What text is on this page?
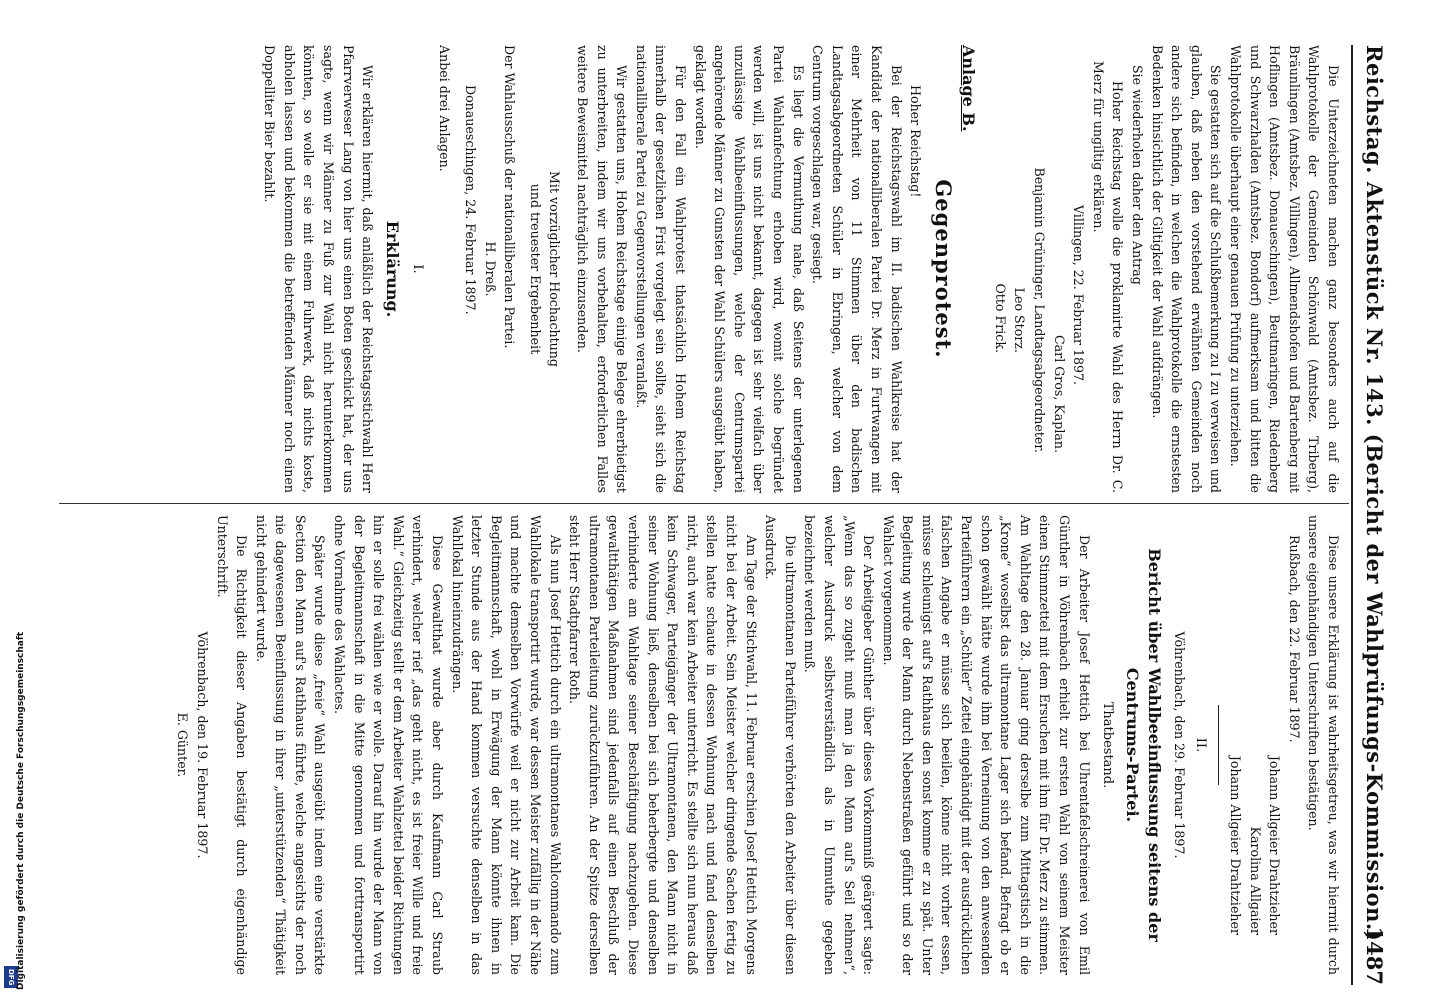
Reichstag. Aktenstück Nr. 143. (Bericht der Wahlprüfungs-Kommission.)
1487

Die Unterzeichneten machen ganz besonders auch auf die Wahlprotokolle der Gemeinden Schönwald (Amtsbez. Triberg), Bräunlingen (Amtsbez. Villingen), Allmendshofen und Bartenberg mit Hoflingen (Amtsbez. Donaueschingen), Beutmaringen, Riedenberg und Schwarzhalden (Amtsbez. Bondorf) aufmerksam und bitten die Wahlprotokolle überhaupt einer genauen Prüfung zu unterziehen.

Sie gestatten sich auf die Schlußbemerkung zu I zu verweisen und glauben, daß neben den vorstehend erwähnten Gemeinden noch andere sich befinden, in welchen die Wahlprotokolle die ernstesten Bedenken hinsichtlich der Giltigkeit der Wahl aufdrängen.

Sie wiederholen daher den Antrag

Hoher Reichstag wolle die proklamirte Wahl des Herrn Dr. C. Merz für ungiltig erklären.

Villingen, 22. Februar 1897.

Carl Gros, Kaplan.

Benjamin Grüninger, Landtagsabgeordneter.

Leo Storz.

Otto Frick.

Anlage B.
Gegenprotest.

Hoher Reichstag!

Bei der Reichstagswahl im II. badischen Wahlkreise hat der Kandidat der nationalliberalen Partei Dr. Merz in Furtwangen mit einer Mehrheit von 11 Stimmen über den badischen Landtagsabgeordneten Schüler in Ebringen, welcher von dem Centrum vorgeschlagen war, gesiegt.

Es liegt die Vermuthung nahe, daß Seitens der unterlegenen Partei Wahlanfechtung erhoben wird, womit solche begründet werden will, ist uns nicht bekannt, dagegen ist sehr vielfach über unzulässige Wahlbeeinflussungen, welche der Centrumspartei angehörende Männer zu Gunsten der Wahl Schülers ausgeübt haben, geklagt worden.

Für den Fall ein Wahlprotest thatsächlich Hohem Reichstag innerhalb der gesetzlichen Frist vorgelegt sein sollte, sieht sich die nationalliberale Partei zu Gegenvorstellungen veranlaßt.

Wir gestatten uns, Hohem Reichstage einige Belege ehrerbietigst zu unterbreiten, indem wir uns vorbehalten, erforderlichen Falles weitere Beweismittel nachträglich einzusenden.

Mit vorzüglicher Hochachtung

und treuester Ergebenheit

Der Wahlausschuß der nationalliberalen Partei.

H. Dreß.

Donaueschingen, 24. Februar 1897.

Anbei drei Anlagen.

I.
Erklärung.

Wir erklären hiermit, daß anläßlich der Reichstagsstichwahl Herr Pfarrverweser Lang von hier uns einen Boten geschickt hat, der uns sagte, wenn wir Männer zu Fuß zur Wahl nicht herunterkommen könnten, so wolle er sie mit einem Fuhrwerk, daß nichts koste, abholen lassen und bekommen die betreffenden Männer noch einen Doppelliter Bier bezahlt.

Diese unsere Erklärung ist wahrheitsgetreu, was wir hiermit durch unsere eigenhändigen Unterschriften bestätigen.

Rußbach, den 22. Februar 1897.

Johann Allgeier Drahtzieher

Karolina Allgaier

Johann Allgeier Drahtzieher

II.

Vöhrenbach, den 29. Februar 1897.

Bericht über Wahlbeeinflussung seitens der Centrums-Partei.
Thatbestand.

Der Arbeiter Josef Hettich bei Uhrentafelschreinerei von Emil Günther in Vöhrenbach erhielt zur ersten Wahl von seinem Meister einen Stimmzettel mit dem Ersuchen mit ihm für Dr. Merz zu stimmen. Am Wahltage den 28. Januar ging derselbe zum Mittagstisch in die „Krone“ woselbst das ultramontane Lager sich befand. Befragt ob er schon gewählt hätte wurde ihm bei Verneinung von den anwesenden Parteiführern ein „Schüler“ Zettel eingehändigt mit der ausdrücklichen falschen Angabe er müsse sich beeilen, könne nicht vorher essen, müsse schleunigst auf's Rathhaus den sonst komme er zu spät. Unter Begleitung wurde der Mann durch Nebenstraßen geführt und so der Wahlact vorgenommen.

Der Arbeitgeber Günther über dieses Vorkommniß geärgert sagte: „Wenn das so zugeht muß man ja den Mann auf's Seil nehmen“, welcher Ausdruck selbstverständlich als in Unmuthe gegeben bezeichnet werden muß.

Die ultramontanen Parteiführer verhörten den Arbeiter über diesen Ausdruck.

Am Tage der Stichwahl, 11. Februar erschien Josef Hettich Morgens nicht bei der Arbeit. Sein Meister welcher dringende Sachen fertig zu stellen hatte schaute in dessen Wohnung nach und fand denselben nicht, auch war kein Arbeiter unterricht. Es stellte sich nun heraus daß kein Schwager, Parteigänger der Ultramontanen, den Mann nicht in seiner Wohnung ließ, denselben bei sich beherbergte und denselben verhinderte am Wahltage seiner Beschäftigung nachzugehen. Diese gewaltthätigen Maßnahmen sind jedenfalls auf einen Beschluß der ultramontanen Parteileitung zurückzuführen. An der Spitze derselben steht Herr Stadtpfarrer Roth.

Als nun Josef Hettich durch ein ultramontanes Wahlcommando zum Wahllokale transportirt wurde, war dessen Meister zufällig in der Nähe und machte demselben Vorwürfe weil er nicht zur Arbeit kam. Die Begleitmannschaft, wohl in Erwägung der Mann könnte ihnen in letzter Stunde aus der Hand kommen versuchte denselben in das Wahllokal hineinzudrängen.

Diese Gewaltthat wurde aber durch Kaufmann Carl Straub verhindert, welcher rief „das geht nicht, es ist freier Wille und freie Wahl.“ Gleichzeitig stellt er dem Arbeiter Wahlzettel beider Richtungen hin er solle frei wählen wie er wolle. Darauf hin wurde der Mann von der Begleitmannschaft in die Mitte genommen und forttransportirt ohne Vornahme des Wahlactes.

Später wurde diese „freie“ Wahl ausgeübt indem eine verstärkte Section den Mann auf's Rathhaus führte, welche angesichts der noch nie dagewesenen Beeinflussung in ihrer „unterstützenden“ Thätigkeit nicht gehindert wurde.

Die Richtigkeit dieser Angaben bestätigt durch eigenhändige Unterschrift.

Vöhrenbach, den 19. Februar 1897.

E. Günter.

DFG Digitalisierung gefördert durch die Deutsche Forschungsgemeinschaft
